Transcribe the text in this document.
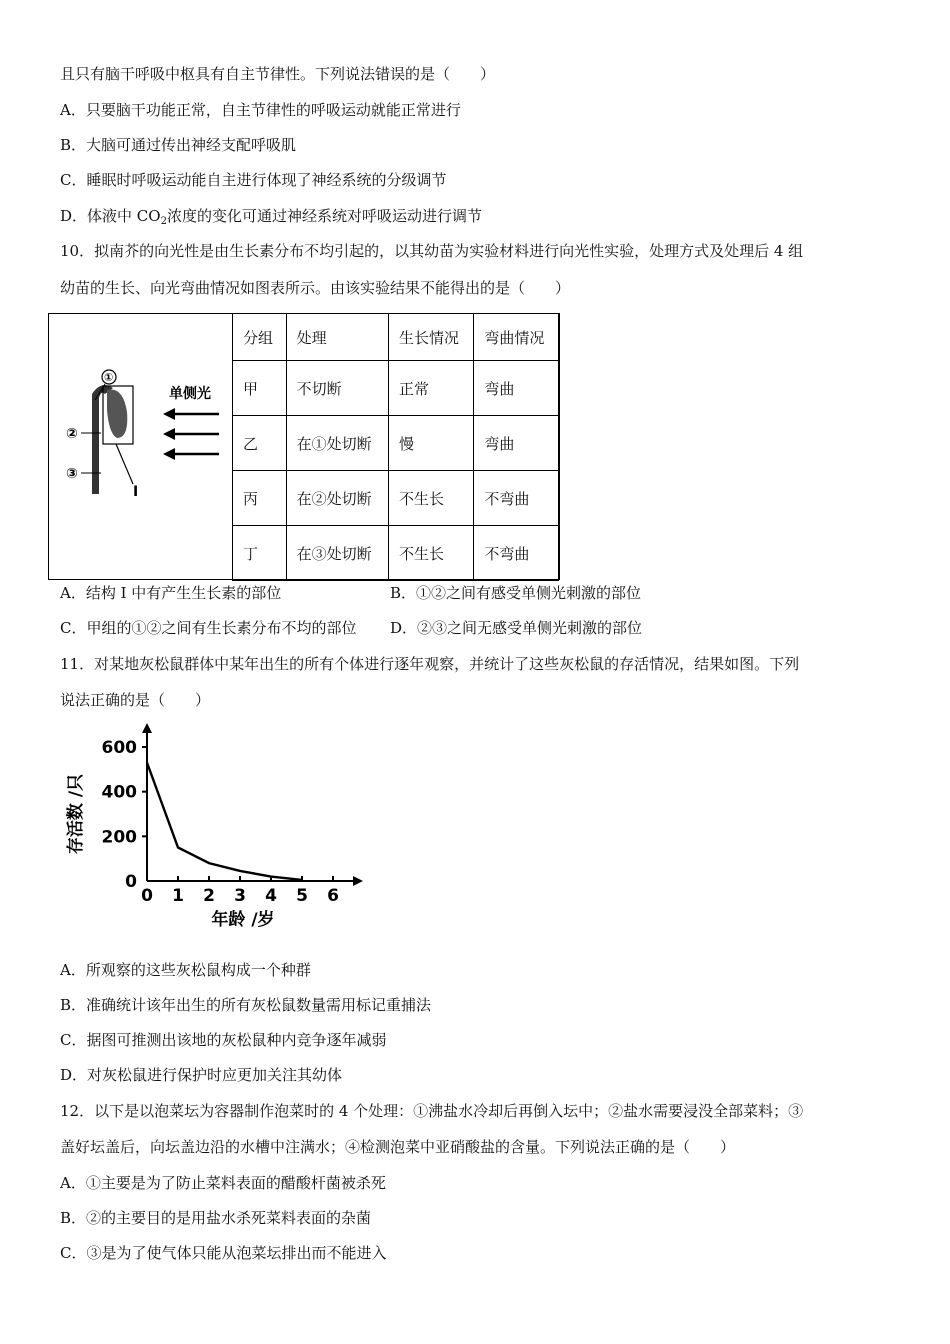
且只有脑干呼吸中枢具有自主节律性。下列说法错误的是（　　）
A．只要脑干功能正常，自主节律性的呼吸运动就能正常进行
B．大脑可通过传出神经支配呼吸肌
C．睡眠时呼吸运动能自主进行体现了神经系统的分级调节
D．体液中 $CO_2$浓度的变化可通过神经系统对呼吸运动进行调节
10．拟南芥的向光性是由生长素分布不均引起的，以其幼苗为实验材料进行向光性实验，处理方式及处理后 4 组
幼苗的生长、向光弯曲情况如图表所示。由该实验结果不能得出的是（　　）
I
①
②
③
单侧光
分组	处理	生长情况	弯曲情况
甲	不切断	正常	弯曲
乙	在①处切断	慢	弯曲
丙	在②处切断	不生长	不弯曲
丁	在③处切断	不生长	不弯曲
A．结构 I 中有产生生长素的部位	B．①②之间有感受单侧光刺激的部位
C．甲组的①②之间有生长素分布不均的部位 D．②③之间无感受单侧光刺激的部位
11．对某地灰松鼠群体中某年出生的所有个体进行逐年观察，并统计了这些灰松鼠的存活情况，结果如图。下列
说法正确的是（　　）
0
200
400
600
0 1 2 3 4 5 6
存活数 /只
年龄 /岁
A．所观察的这些灰松鼠构成一个种群
B．准确统计该年出生的所有灰松鼠数量需用标记重捕法
C．据图可推测出该地的灰松鼠种内竞争逐年减弱
D．对灰松鼠进行保护时应更加关注其幼体
12．以下是以泡菜坛为容器制作泡菜时的 4 个处理：①沸盐水冷却后再倒入坛中；②盐水需要浸没全部菜料；③
盖好坛盖后，向坛盖边沿的水槽中注满水；④检测泡菜中亚硝酸盐的含量。下列说法正确的是（　　）
A．①主要是为了防止菜料表面的醋酸杆菌被杀死
B．②的主要目的是用盐水杀死菜料表面的杂菌
C．③是为了使气体只能从泡菜坛排出而不能进入
